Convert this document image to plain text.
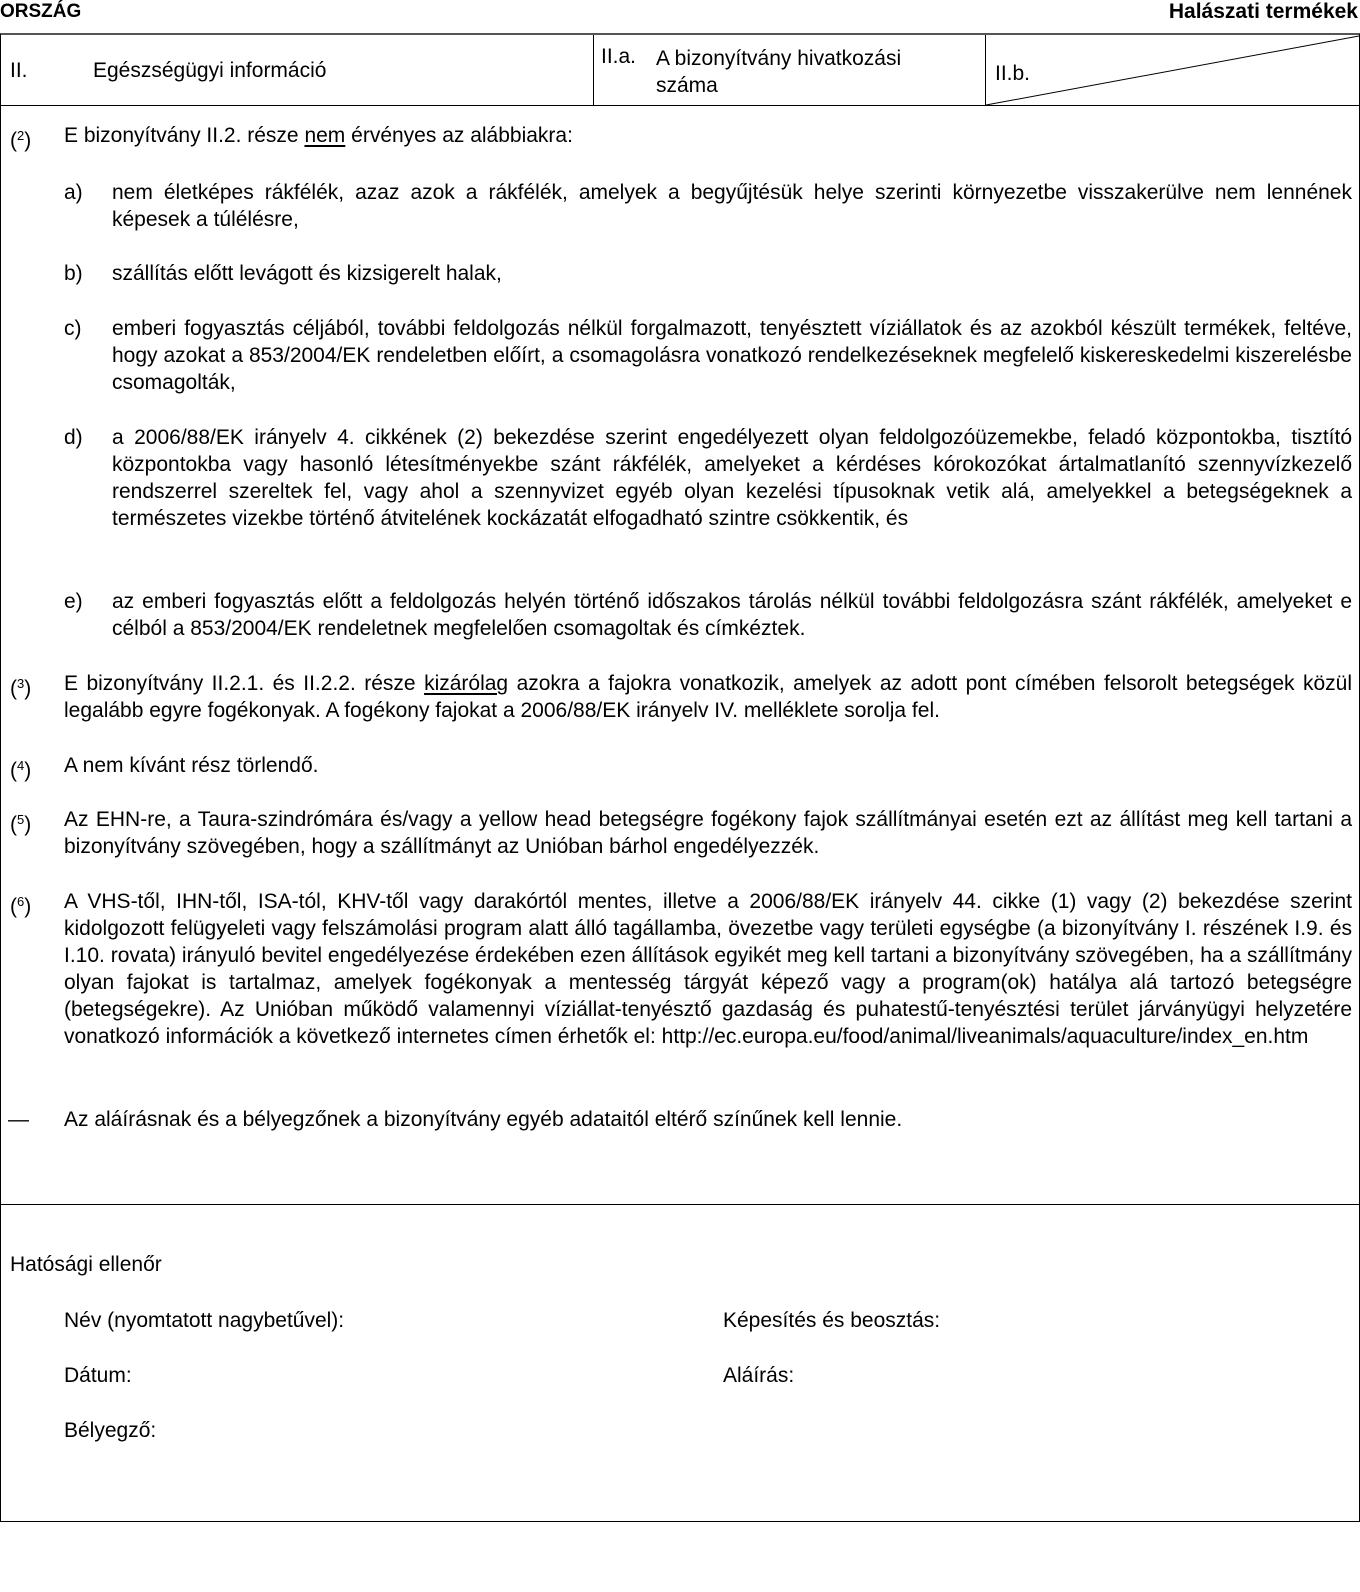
ORSZÁG	Halászati termékek
II.	Egészségügyi információ
II.a. A bizonyítvány hivatkozási száma
II.b.
($^2$) E bizonyítvány II.2. része nem érvényes az alábbiakra:
a) nem életképes rákfélék, azaz azok a rákfélék, amelyek a begyűjtésük helye szerinti környezetbe visszakerülve nem lennének képesek a túlélésre,
b) szállítás előtt levágott és kizsigerelt halak,
c) emberi fogyasztás céljából, további feldolgozás nélkül forgalmazott, tenyésztett víziállatok és az azokból készült termékek, feltéve, hogy azokat a 853/2004/EK rendeletben előírt, a csomagolásra vonatkozó rendelkezéseknek megfelelő kiskereskedelmi kiszerelésbe csomagolták,
d) a 2006/88/EK irányelv 4. cikkének (2) bekezdése szerint engedélyezett olyan feldolgozóüzemekbe, feladó központokba, tisztító központokba vagy hasonló létesítményekbe szánt rákfélék, amelyeket a kérdéses kórokozókat ártalmatlanító szennyvízkezelő rendszerrel szereltek fel, vagy ahol a szennyvizet egyéb olyan kezelési típusoknak vetik alá, amelyekkel a betegségeknek a természetes vizekbe történő átvitelének kockázatát elfogadható szintre csökkentik, és
e) az emberi fogyasztás előtt a feldolgozás helyén történő időszakos tárolás nélkül további feldolgozásra szánt rákfélék, amelyeket e célból a 853/2004/EK rendeletnek megfelelően csomagoltak és címkéztek.
($^3$) E bizonyítvány II.2.1. és II.2.2. része kizárólag azokra a fajokra vonatkozik, amelyek az adott pont címében felsorolt betegségek közül legalább egyre fogékonyak. A fogékony fajokat a 2006/88/EK irányelv IV. melléklete sorolja fel.
($^4$) A nem kívánt rész törlendő.
($^5$) Az EHN-re, a Taura-szindrómára és/vagy a yellow head betegségre fogékony fajok szállítmányai esetén ezt az állítást meg kell tartani a bizonyítvány szövegében, hogy a szállítmányt az Unióban bárhol engedélyezzék.
($^6$) A VHS-től, IHN-től, ISA-tól, KHV-től vagy darakórtól mentes, illetve a 2006/88/EK irányelv 44. cikke (1) vagy (2) bekezdése szerint kidolgozott felügyeleti vagy felszámolási program alatt álló tagállamba, övezetbe vagy területi egységbe (a bizonyítvány I. részének I.9. és I.10. rovata) irányuló bevitel engedélyezése érdekében ezen állítások egyikét meg kell tartani a bizonyítvány szövegében, ha a szállítmány olyan fajokat is tartalmaz, amelyek fogékonyak a mentesség tárgyát képező vagy a program(ok) hatálya alá tartozó betegségre (betegségekre). Az Unióban működő valamennyi víziállat-tenyésztő gazdaság és puhatestű-tenyésztési terület járványügyi helyzetére vonatkozó információk a következő internetes címen érhetők el: http://ec.europa.eu/food/animal/liveanimals/aquaculture/index_en.htm
— Az aláírásnak és a bélyegzőnek a bizonyítvány egyéb adataitól eltérő színűnek kell lennie.
Hatósági ellenőr
Név (nyomtatott nagybetűvel):	Képesítés és beosztás:
Dátum:	Aláírás:
Bélyegző:
